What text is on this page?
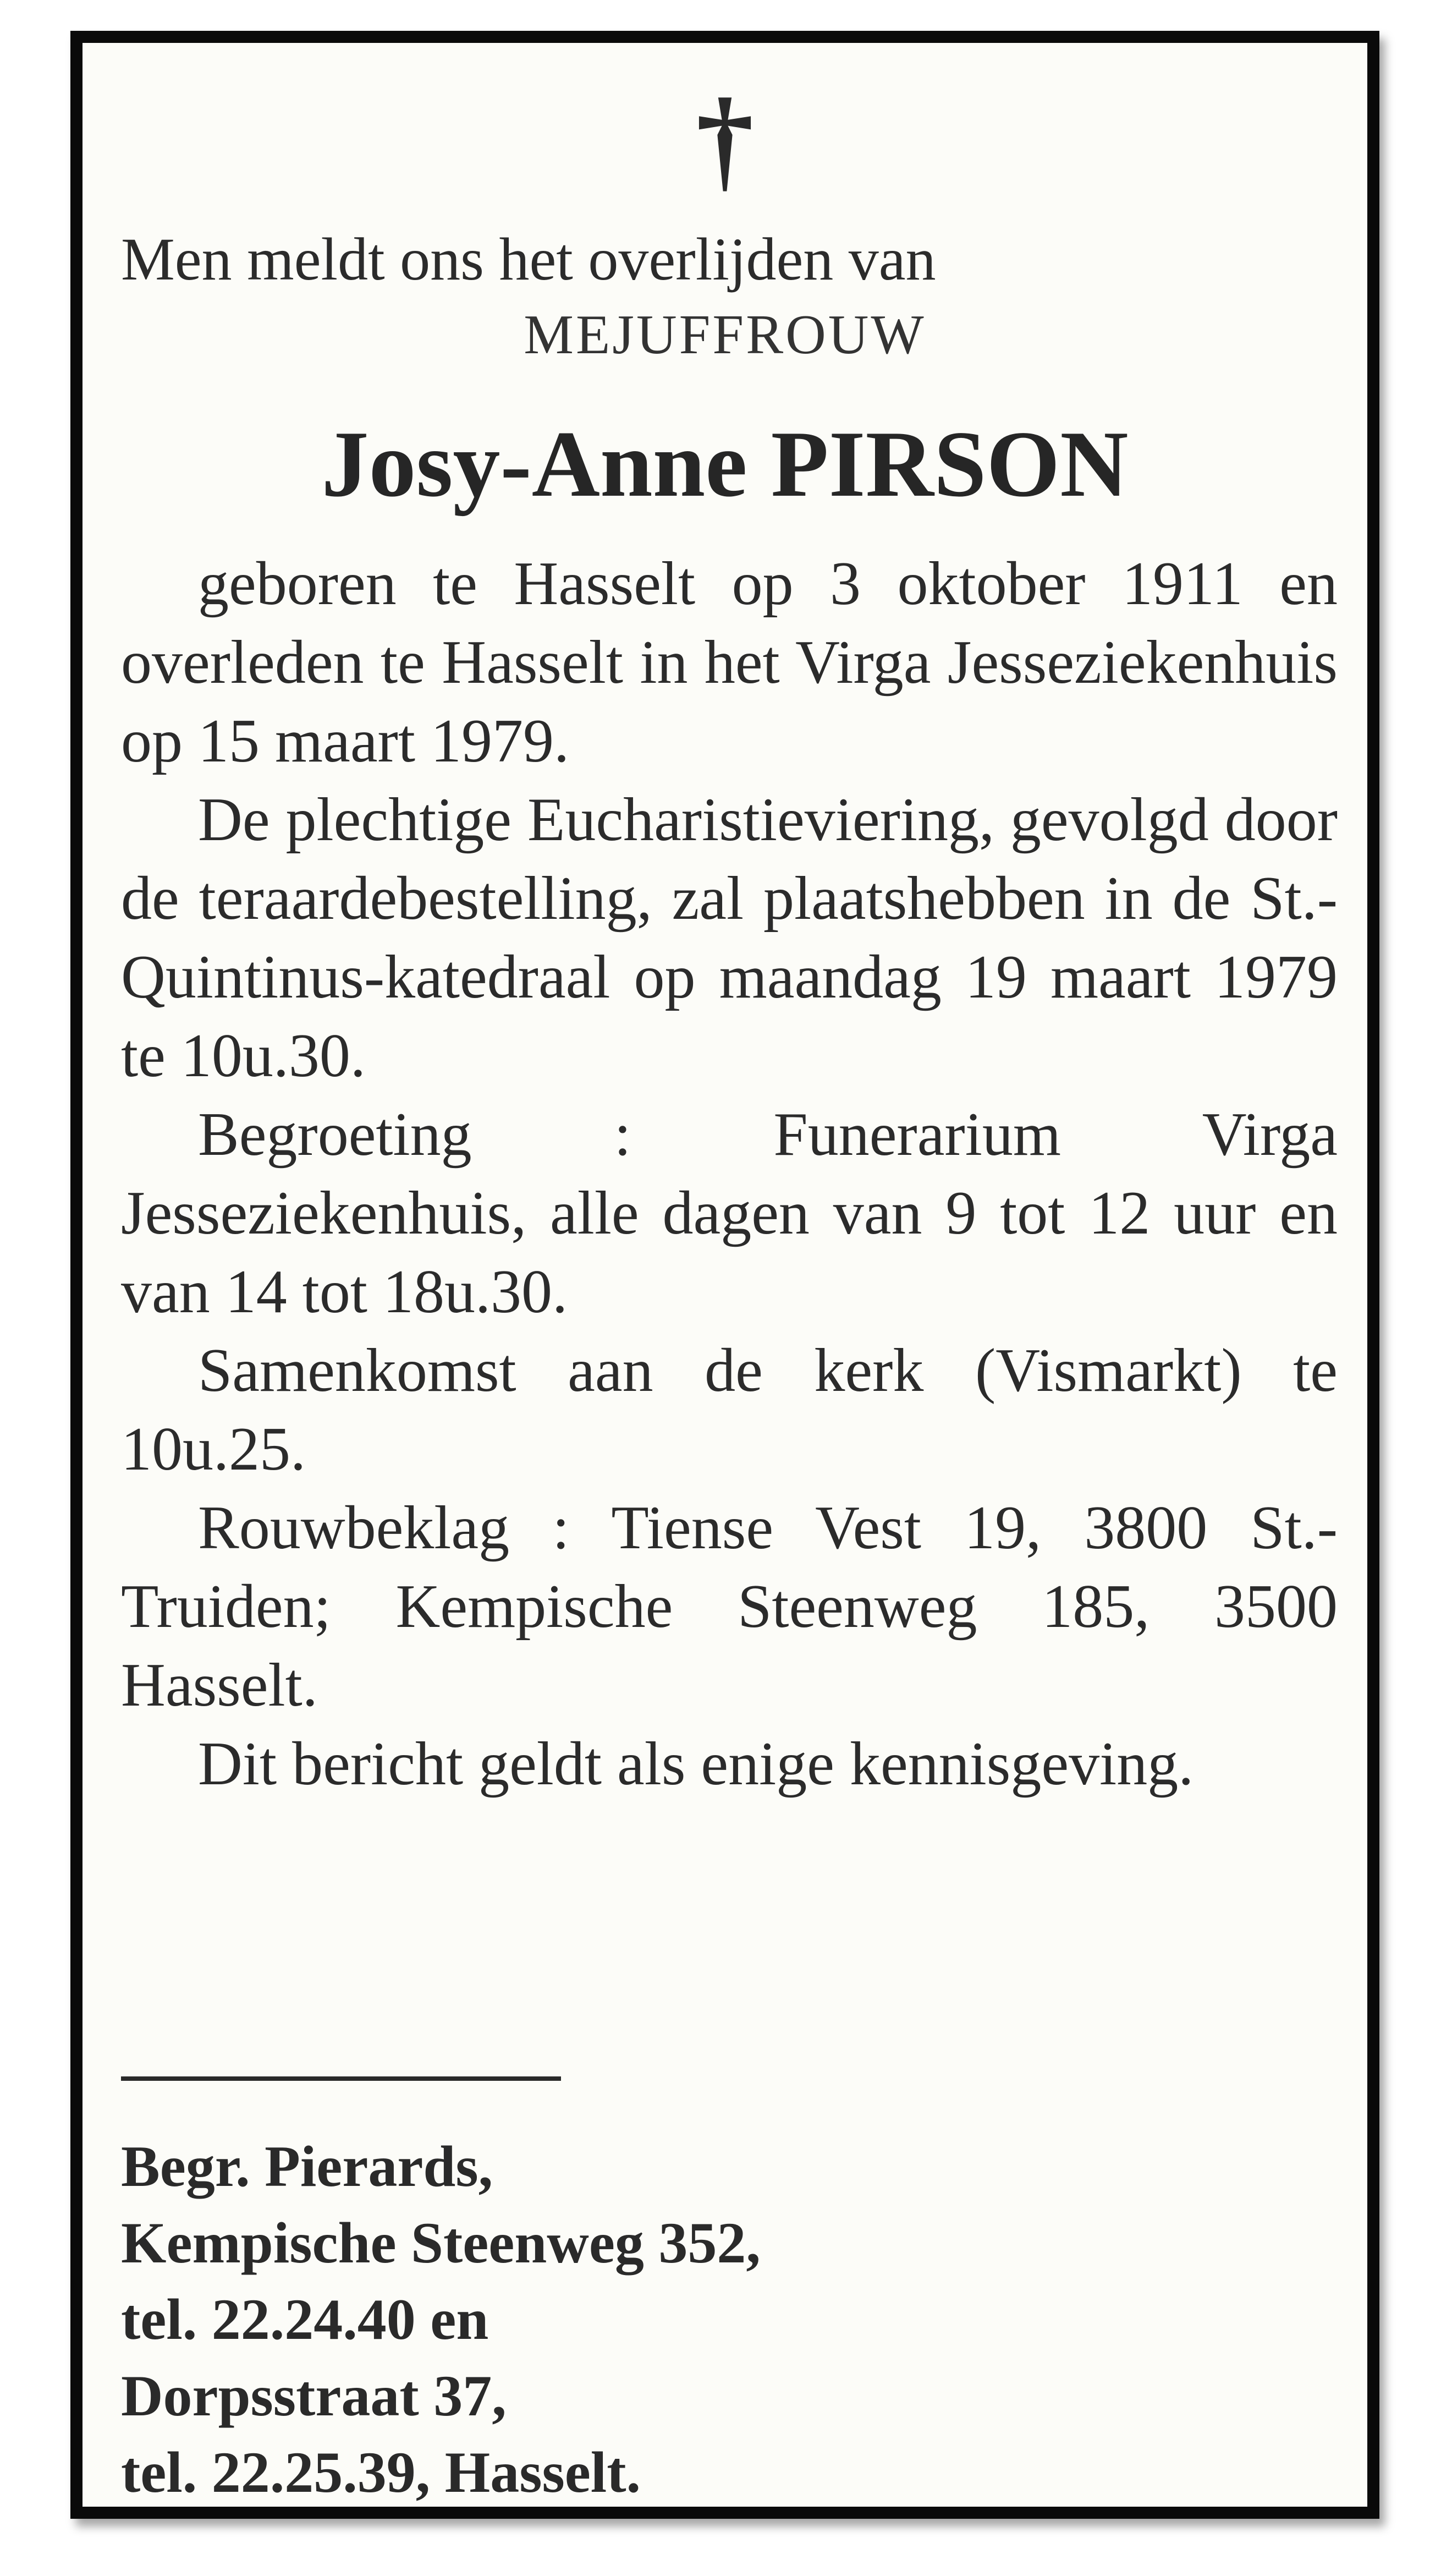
†
Men meldt ons het overlijden van
MEJUFFROUW
Josy-Anne PIRSON

geboren te Hasselt op 3 oktober 1911 en overleden te Hasselt in het Virga Jesseziekenhuis op 15 maart 1979.

De plechtige Eucharistieviering, gevolgd door de teraardebestelling, zal plaatshebben in de St.-Quintinus-katedraal op maandag 19 maart 1979 te 10u.30.

Begroeting : Funerarium Virga Jesseziekenhuis, alle dagen van 9 tot 12 uur en van 14 tot 18u.30.

Samenkomst aan de kerk (Vismarkt) te 10u.25.

Rouwbeklag : Tiense Vest 19, 3800 St.-Truiden; Kempische Steenweg 185, 3500 Hasselt.

Dit bericht geldt als enige kennisgeving.

Begr. Pierards,
Kempische Steenweg 352,
tel. 22.24.40 en
Dorpsstraat 37,
tel. 22.25.39, Hasselt.
